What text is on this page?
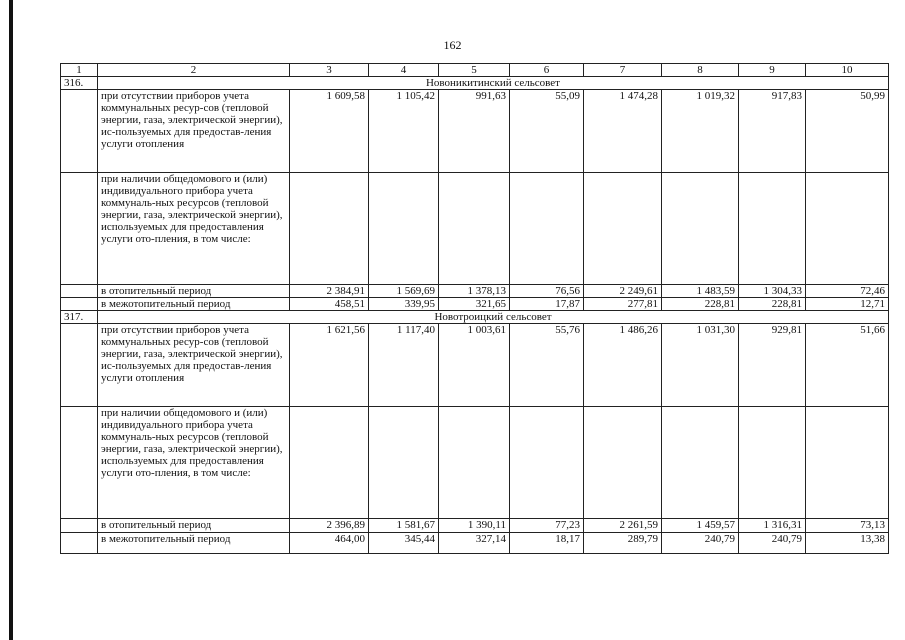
162
1	2	3	4	5	6	7	8	9	10
316.	Новоникитинский сельсовет								
	при отсутствии приборов учета коммунальных ресур-сов (тепловой энергии, газа, электрической энергии), ис-пользуемых для предостав-ления услуги отопления	1 609,58	1 105,42	991,63	55,09	1 474,28	1 019,32	917,83	50,99
	при наличии общедомового и (или) индивидуального прибора учета коммуналь-ных ресурсов (тепловой энергии, газа, электрической энергии), используемых для предоставления услуги ото-пления, в том числе:								
	в отопительный период	2 384,91	1 569,69	1 378,13	76,56	2 249,61	1 483,59	1 304,33	72,46
	в межотопительный период	458,51	339,95	321,65	17,87	277,81	228,81	228,81	12,71
317.	Новотроицкий сельсовет								
	при отсутствии приборов учета коммунальных ресур-сов (тепловой энергии, газа, электрической энергии), ис-пользуемых для предостав-ления услуги отопления	1 621,56	1 117,40	1 003,61	55,76	1 486,26	1 031,30	929,81	51,66
	при наличии общедомового и (или) индивидуального прибора учета коммуналь-ных ресурсов (тепловой энергии, газа, электрической энергии), используемых для предоставления услуги ото-пления, в том числе:								
	в отопительный период	2 396,89	1 581,67	1 390,11	77,23	2 261,59	1 459,57	1 316,31	73,13
	в межотопительный период	464,00	345,44	327,14	18,17	289,79	240,79	240,79	13,38
